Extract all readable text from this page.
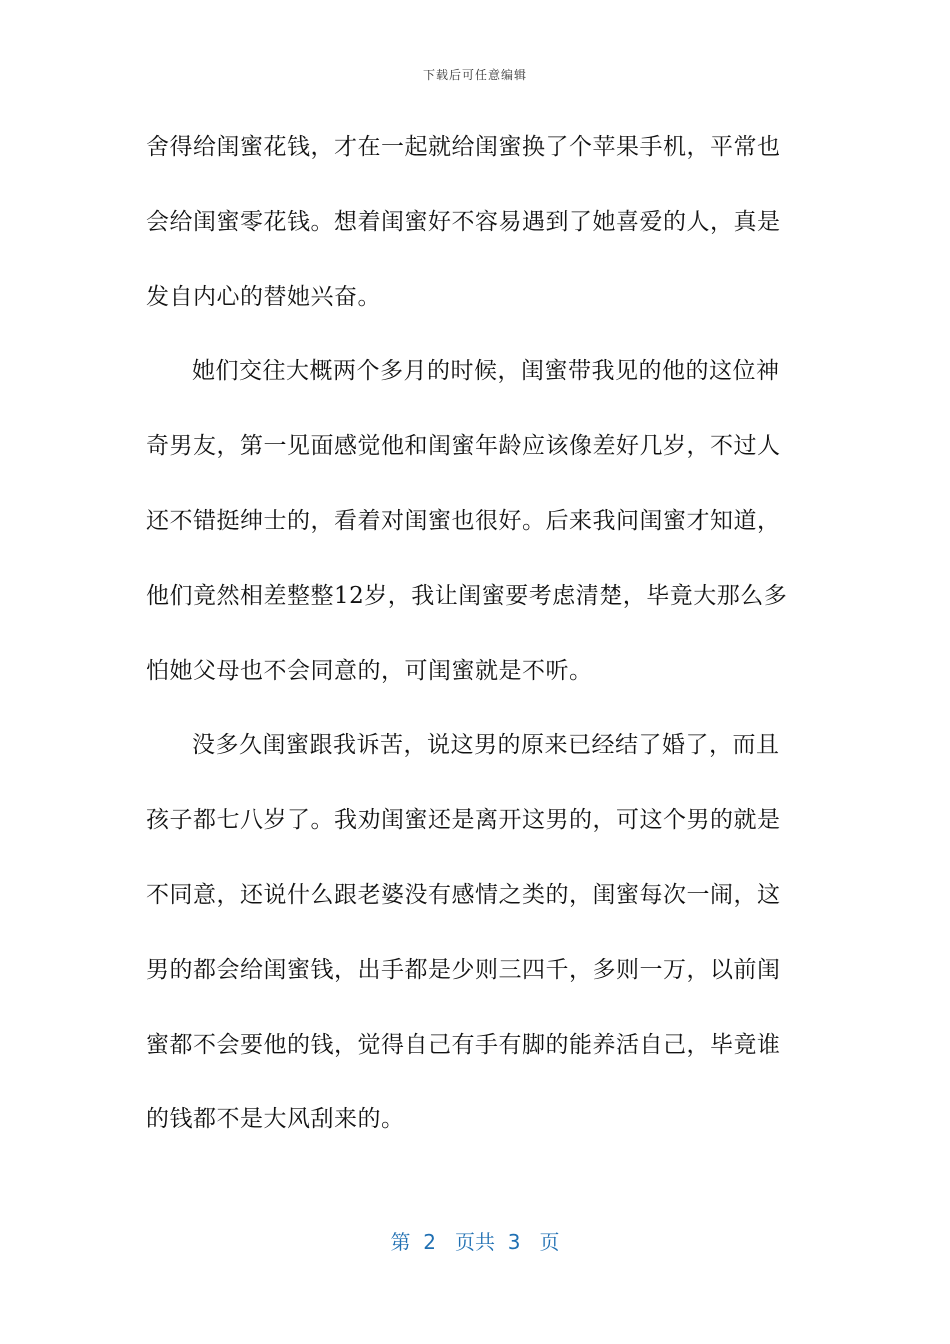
下载后可任意编辑
舍得给闺蜜花钱，才在一起就给闺蜜换了个苹果手机，平常也
会给闺蜜零花钱。想着闺蜜好不容易遇到了她喜爱的人，真是
发自内心的替她兴奋。
她们交往大概两个多月的时候，闺蜜带我见的他的这位神
奇男友，第一见面感觉他和闺蜜年龄应该像差好几岁，不过人
还不错挺绅士的，看着对闺蜜也很好。后来我问闺蜜才知道，
他们竟然相差整整12岁，我让闺蜜要考虑清楚，毕竟大那么多
怕她父母也不会同意的，可闺蜜就是不听。
没多久闺蜜跟我诉苦，说这男的原来已经结了婚了，而且
孩子都七八岁了。我劝闺蜜还是离开这男的，可这个男的就是
不同意，还说什么跟老婆没有感情之类的，闺蜜每次一闹，这
男的都会给闺蜜钱，出手都是少则三四千，多则一万，以前闺
蜜都不会要他的钱，觉得自己有手有脚的能养活自己，毕竟谁
的钱都不是大风刮来的。
第  2   页共  3   页
